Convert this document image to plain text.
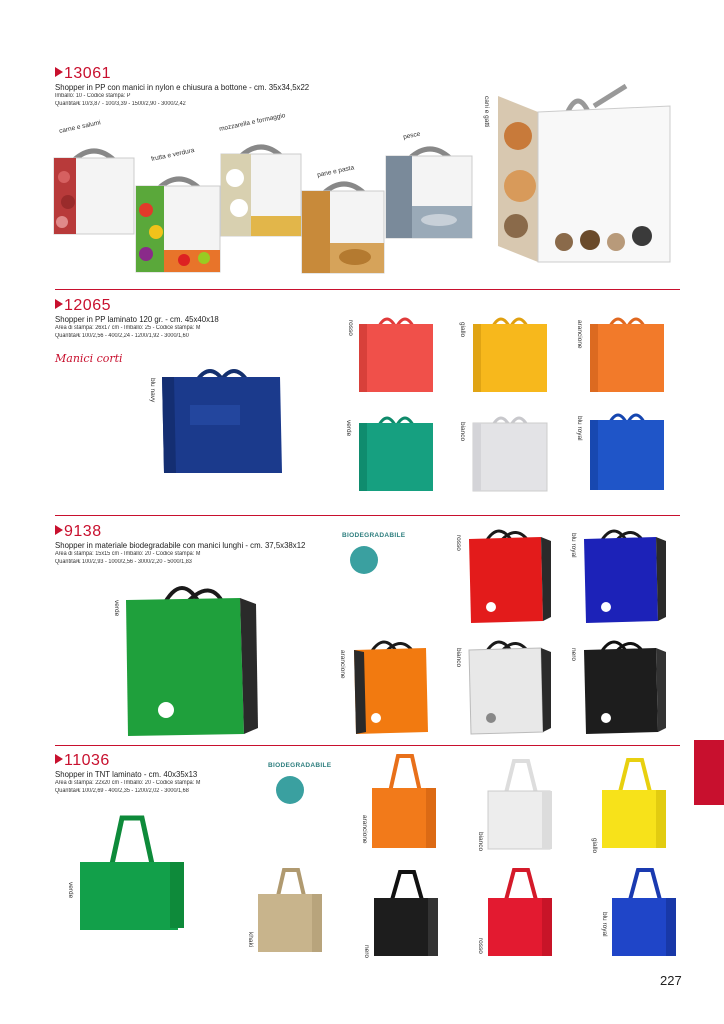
13061
Shopper in PP con manici in nylon e chiusura a bottone - cm. 35x34,5x22
Imballo: 10 - Codice stampa: P
Quantità/€ 10/3,87 - 100/3,39 - 1500/2,90 - 3000/2,42
carne e salumi
frutta e verdura
mozzarella e formaggio
pane e pasta
pesce
cani e gatti
12065
Shopper in PP laminato 120 gr. - cm. 45x40x18
Area di stampa: 26x17 cm - Imballo: 25 - Codice stampa: M
Quantità/€ 100/2,56 - 400/2,24 - 1200/1,92 - 3000/1,60
Manici corti
blu navy
rosso	giallo	arancione
verde	bianco	blu royal
9138
Shopper in materiale biodegradabile con manici lunghi - cm. 37,5x38x12
Area di stampa: 15x15 cm - Imballo: 20 - Codice stampa: M
Quantità/€ 100/2,93 - 1000/2,56 - 3000/2,20 - 5000/1,83
BIODEGRADABILE
verde
rosso	blu royal
arancione	bianco	nero
11036
Shopper in TNT laminato - cm. 40x35x13
Area di stampa: 22x20 cm - Imballo: 20 - Codice stampa: M
Quantità/€ 100/2,69 - 400/2,35 - 1200/2,02 - 3000/1,68
BIODEGRADABILE
verde
khaki
arancione	bianco	giallo
nero	rosso
blu royal
227
